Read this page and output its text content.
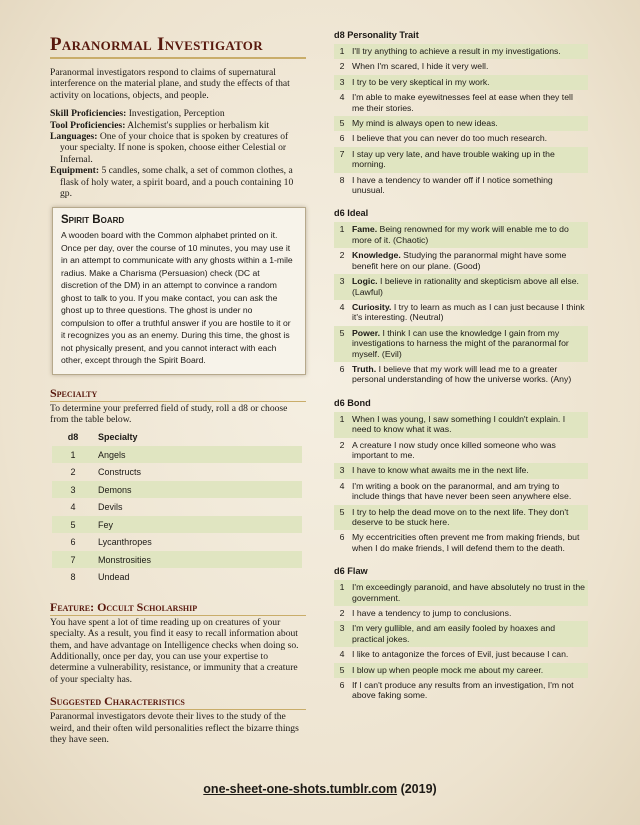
Paranormal Investigator

Paranormal investigators respond to claims of supernatural interference on the material plane, and study the effects of that activity on locations, objects, and people.

Skill Proficiencies: Investigation, Perception

Tool Proficiencies: Alchemist's supplies or herbalism kit

Languages: One of your choice that is spoken by creatures of your specialty. If none is spoken, choose either Celestial or Infernal.

Equipment: 5 candles, some chalk, a set of common clothes, a flask of holy water, a spirit board, and a pouch containing 10 gp.

Spirit Board

A wooden board with the Common alphabet printed on it. Once per day, over the course of 10 minutes, you may use it in an attempt to communicate with any ghosts within a 1-mile radius. Make a Charisma (Persuasion) check (DC at discretion of the DM) in an attempt to convince a random ghost to talk to you. If you make contact, you can ask the ghost up to three questions. The ghost is under no compulsion to offer a truthful answer if you are hostile to it or it recognizes you as an enemy. During this time, the ghost is not physically present, and you cannot interact with each other, except through the Spirit Board.

Specialty

To determine your preferred field of study, roll a d8 or choose from the table below.

d8	Specialty
1	Angels
2	Constructs
3	Demons
4	Devils
5	Fey
6	Lycanthropes
7	Monstrosities
8	Undead
Feature: Occult Scholarship

You have spent a lot of time reading up on creatures of your specialty. As a result, you find it easy to recall information about them, and have advantage on Intelligence checks when doing so. Additionally, once per day, you can use your expertise to determine a vulnerability, resistance, or immunity that a creature of your specialty has.

Suggested Characteristics

Paranormal investigators devote their lives to the study of the weird, and their often wild personalities reflect the bizarre things they have seen.

d8 Personality Trait
1	I'll try anything to achieve a result in my investigations.
2	When I'm scared, I hide it very well.
3	I try to be very skeptical in my work.
4	I'm able to make eyewitnesses feel at ease when they tell me their stories.
5	My mind is always open to new ideas.
6	I believe that you can never do too much research.
7	I stay up very late, and have trouble waking up in the morning.
8	I have a tendency to wander off if I notice something unusual.
d6 Ideal
1	Fame. Being renowned for my work will enable me to do more of it. (Chaotic)
2	Knowledge. Studying the paranormal might have some benefit here on our plane. (Good)
3	Logic. I believe in rationality and skepticism above all else. (Lawful)
4	Curiosity. I try to learn as much as I can just because I think it's interesting. (Neutral)
5	Power. I think I can use the knowledge I gain from my investigations to harness the might of the paranormal for myself. (Evil)
6	Truth. I believe that my work will lead me to a greater personal understanding of how the universe works. (Any)
d6 Bond
1	When I was young, I saw something I couldn't explain. I need to know what it was.
2	A creature I now study once killed someone who was important to me.
3	I have to know what awaits me in the next life.
4	I'm writing a book on the paranormal, and am trying to include things that have never been seen anywhere else.
5	I try to help the dead move on to the next life. They don't deserve to be stuck here.
6	My eccentricities often prevent me from making friends, but when I do make friends, I will defend them to the death.
d6 Flaw
1	I'm exceedingly paranoid, and have absolutely no trust in the government.
2	I have a tendency to jump to conclusions.
3	I'm very gullible, and am easily fooled by hoaxes and practical jokes.
4	I like to antagonize the forces of Evil, just because I can.
5	I blow up when people mock me about my career.
6	If I can't produce any results from an investigation, I'm not above faking some.
one-sheet-one-shots.tumblr.com (2019)
